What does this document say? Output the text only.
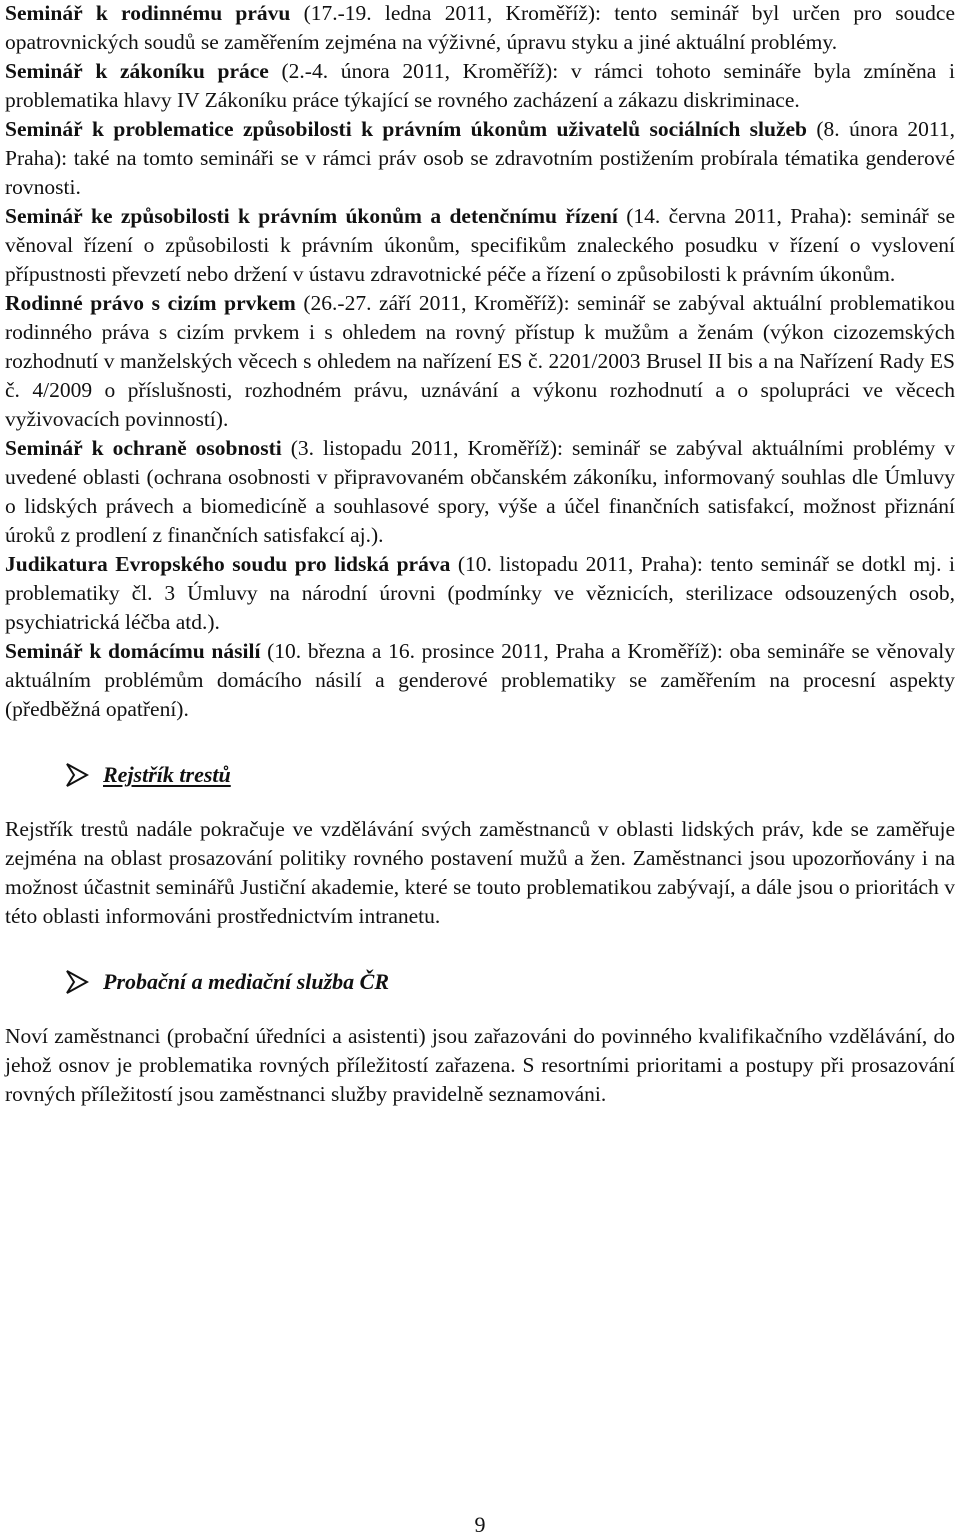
Seminář k rodinnému právu (17.-19. ledna 2011, Kroměříž): tento seminář byl určen pro soudce opatrovnických soudů se zaměřením zejména na výživné, úpravu styku a jiné aktuální problémy.

Seminář k zákoníku práce (2.-4. února 2011, Kroměříž): v rámci tohoto semináře byla zmíněna i problematika hlavy IV Zákoníku práce týkající se rovného zacházení a zákazu diskriminace.

Seminář k problematice způsobilosti k právním úkonům uživatelů sociálních služeb (8. února 2011, Praha): také na tomto semináři se v rámci práv osob se zdravotním postižením probírala tématika genderové rovnosti.

Seminář ke způsobilosti k právním úkonům a detenčnímu řízení (14. června 2011, Praha): seminář se věnoval řízení o způsobilosti k právním úkonům, specifikům znaleckého posudku v řízení o vyslovení přípustnosti převzetí nebo držení v ústavu zdravotnické péče a řízení o způsobilosti k právním úkonům.

Rodinné právo s cizím prvkem (26.-27. září 2011, Kroměříž): seminář se zabýval aktuální problematikou rodinného práva s cizím prvkem i s ohledem na rovný přístup k mužům a ženám (výkon cizozemských rozhodnutí v manželských věcech s ohledem na nařízení ES č. 2201/2003 Brusel II bis a na Nařízení Rady ES č. 4/2009 o příslušnosti, rozhodném právu, uznávání a výkonu rozhodnutí a o spolupráci ve věcech vyživovacích povinností).

Seminář k ochraně osobnosti (3. listopadu 2011, Kroměříž): seminář se zabýval aktuálními problémy v uvedené oblasti (ochrana osobnosti v připravovaném občanském zákoníku, informovaný souhlas dle Úmluvy o lidských právech a biomedicíně a souhlasové spory, výše a účel finančních satisfakcí, možnost přiznání úroků z prodlení z finančních satisfakcí aj.).

Judikatura Evropského soudu pro lidská práva (10. listopadu 2011, Praha): tento seminář se dotkl mj. i problematiky čl. 3 Úmluvy na národní úrovni (podmínky ve věznicích, sterilizace odsouzených osob, psychiatrická léčba atd.).

Seminář k domácímu násilí (10. března a 16. prosince 2011, Praha a Kroměříž): oba semináře se věnovaly aktuálním problémům domácího násilí a genderové problematiky se zaměřením na procesní aspekty (předběžná opatření).

Rejstřík trestů

Rejstřík trestů nadále pokračuje ve vzdělávání svých zaměstnanců v oblasti lidských práv, kde se zaměřuje zejména na oblast prosazování politiky rovného postavení mužů a žen. Zaměstnanci jsou upozorňovány i na možnost účastnit seminářů Justiční akademie, které se touto problematikou zabývají, a dále jsou o prioritách v této oblasti informováni prostřednictvím intranetu.

Probační a mediační služba ČR

Noví zaměstnanci (probační úředníci a asistenti) jsou zařazováni do povinného kvalifikačního vzdělávání, do jehož osnov je problematika rovných příležitostí zařazena. S resortními prioritami a postupy při prosazování rovných příležitostí jsou zaměstnanci služby pravidelně seznamováni.

9
